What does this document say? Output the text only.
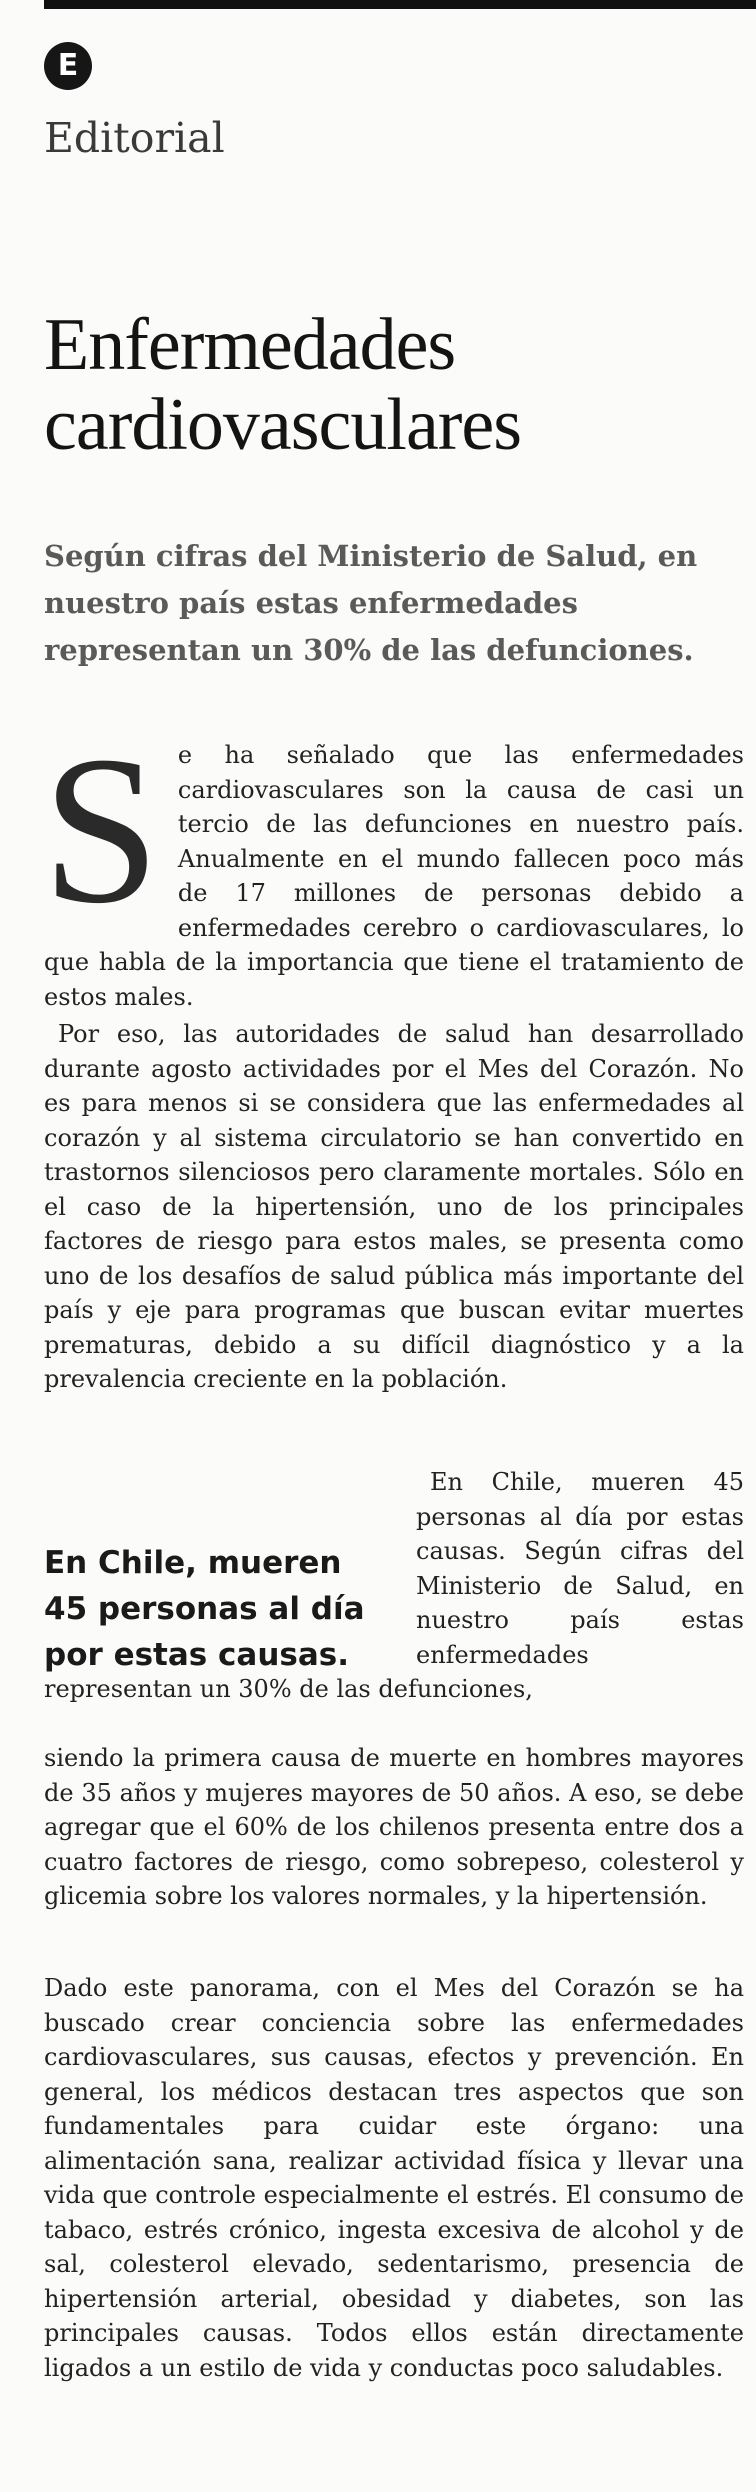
E
Editorial
Enfermedades cardiovasculares
Según cifras del Ministerio de Salud, en nuestro país estas enfermedades representan un 30% de las defunciones.
S e ha señalado que las enfermedades cardiovasculares son la causa de casi un tercio de las defunciones en nuestro país. Anualmente en el mundo fallecen poco más de 17 millones de personas debido a enfermedades cerebro o cardiovasculares, lo que habla de la importancia que tiene el tratamiento de estos males.
Por eso, las autoridades de salud han desarrollado durante agosto actividades por el Mes del Corazón. No es para menos si se considera que las enfermedades al corazón y al sistema circulatorio se han convertido en trastornos silenciosos pero claramente mortales. Sólo en el caso de la hipertensión, uno de los principales factores de riesgo para estos males, se presenta como uno de los desafíos de salud pública más importante del país y eje para programas que buscan evitar muertes prematuras, debido a su difícil diagnóstico y a la prevalencia creciente en la población.
En Chile, mueren 45 personas al día por estas causas. Según cifras del Ministerio de Salud, en nuestro país estas enfermedades representan un 30% de las defunciones,
En Chile, mueren 45 personas al día por estas causas.
siendo la primera causa de muerte en hombres mayores de 35 años y mujeres mayores de 50 años. A eso, se debe agregar que el 60% de los chilenos presenta entre dos a cuatro factores de riesgo, como sobrepeso, colesterol y glicemia sobre los valores normales, y la hipertensión.
Dado este panorama, con el Mes del Corazón se ha buscado crear conciencia sobre las enfermedades cardiovasculares, sus causas, efectos y prevención. En general, los médicos destacan tres aspectos que son fundamentales para cuidar este órgano: una alimentación sana, realizar actividad física y llevar una vida que controle especialmente el estrés. El consumo de tabaco, estrés crónico, ingesta excesiva de alcohol y de sal, colesterol elevado, sedentarismo, presencia de hipertensión arterial, obesidad y diabetes, son las principales causas. Todos ellos están directamente ligados a un estilo de vida y conductas poco saludables.
